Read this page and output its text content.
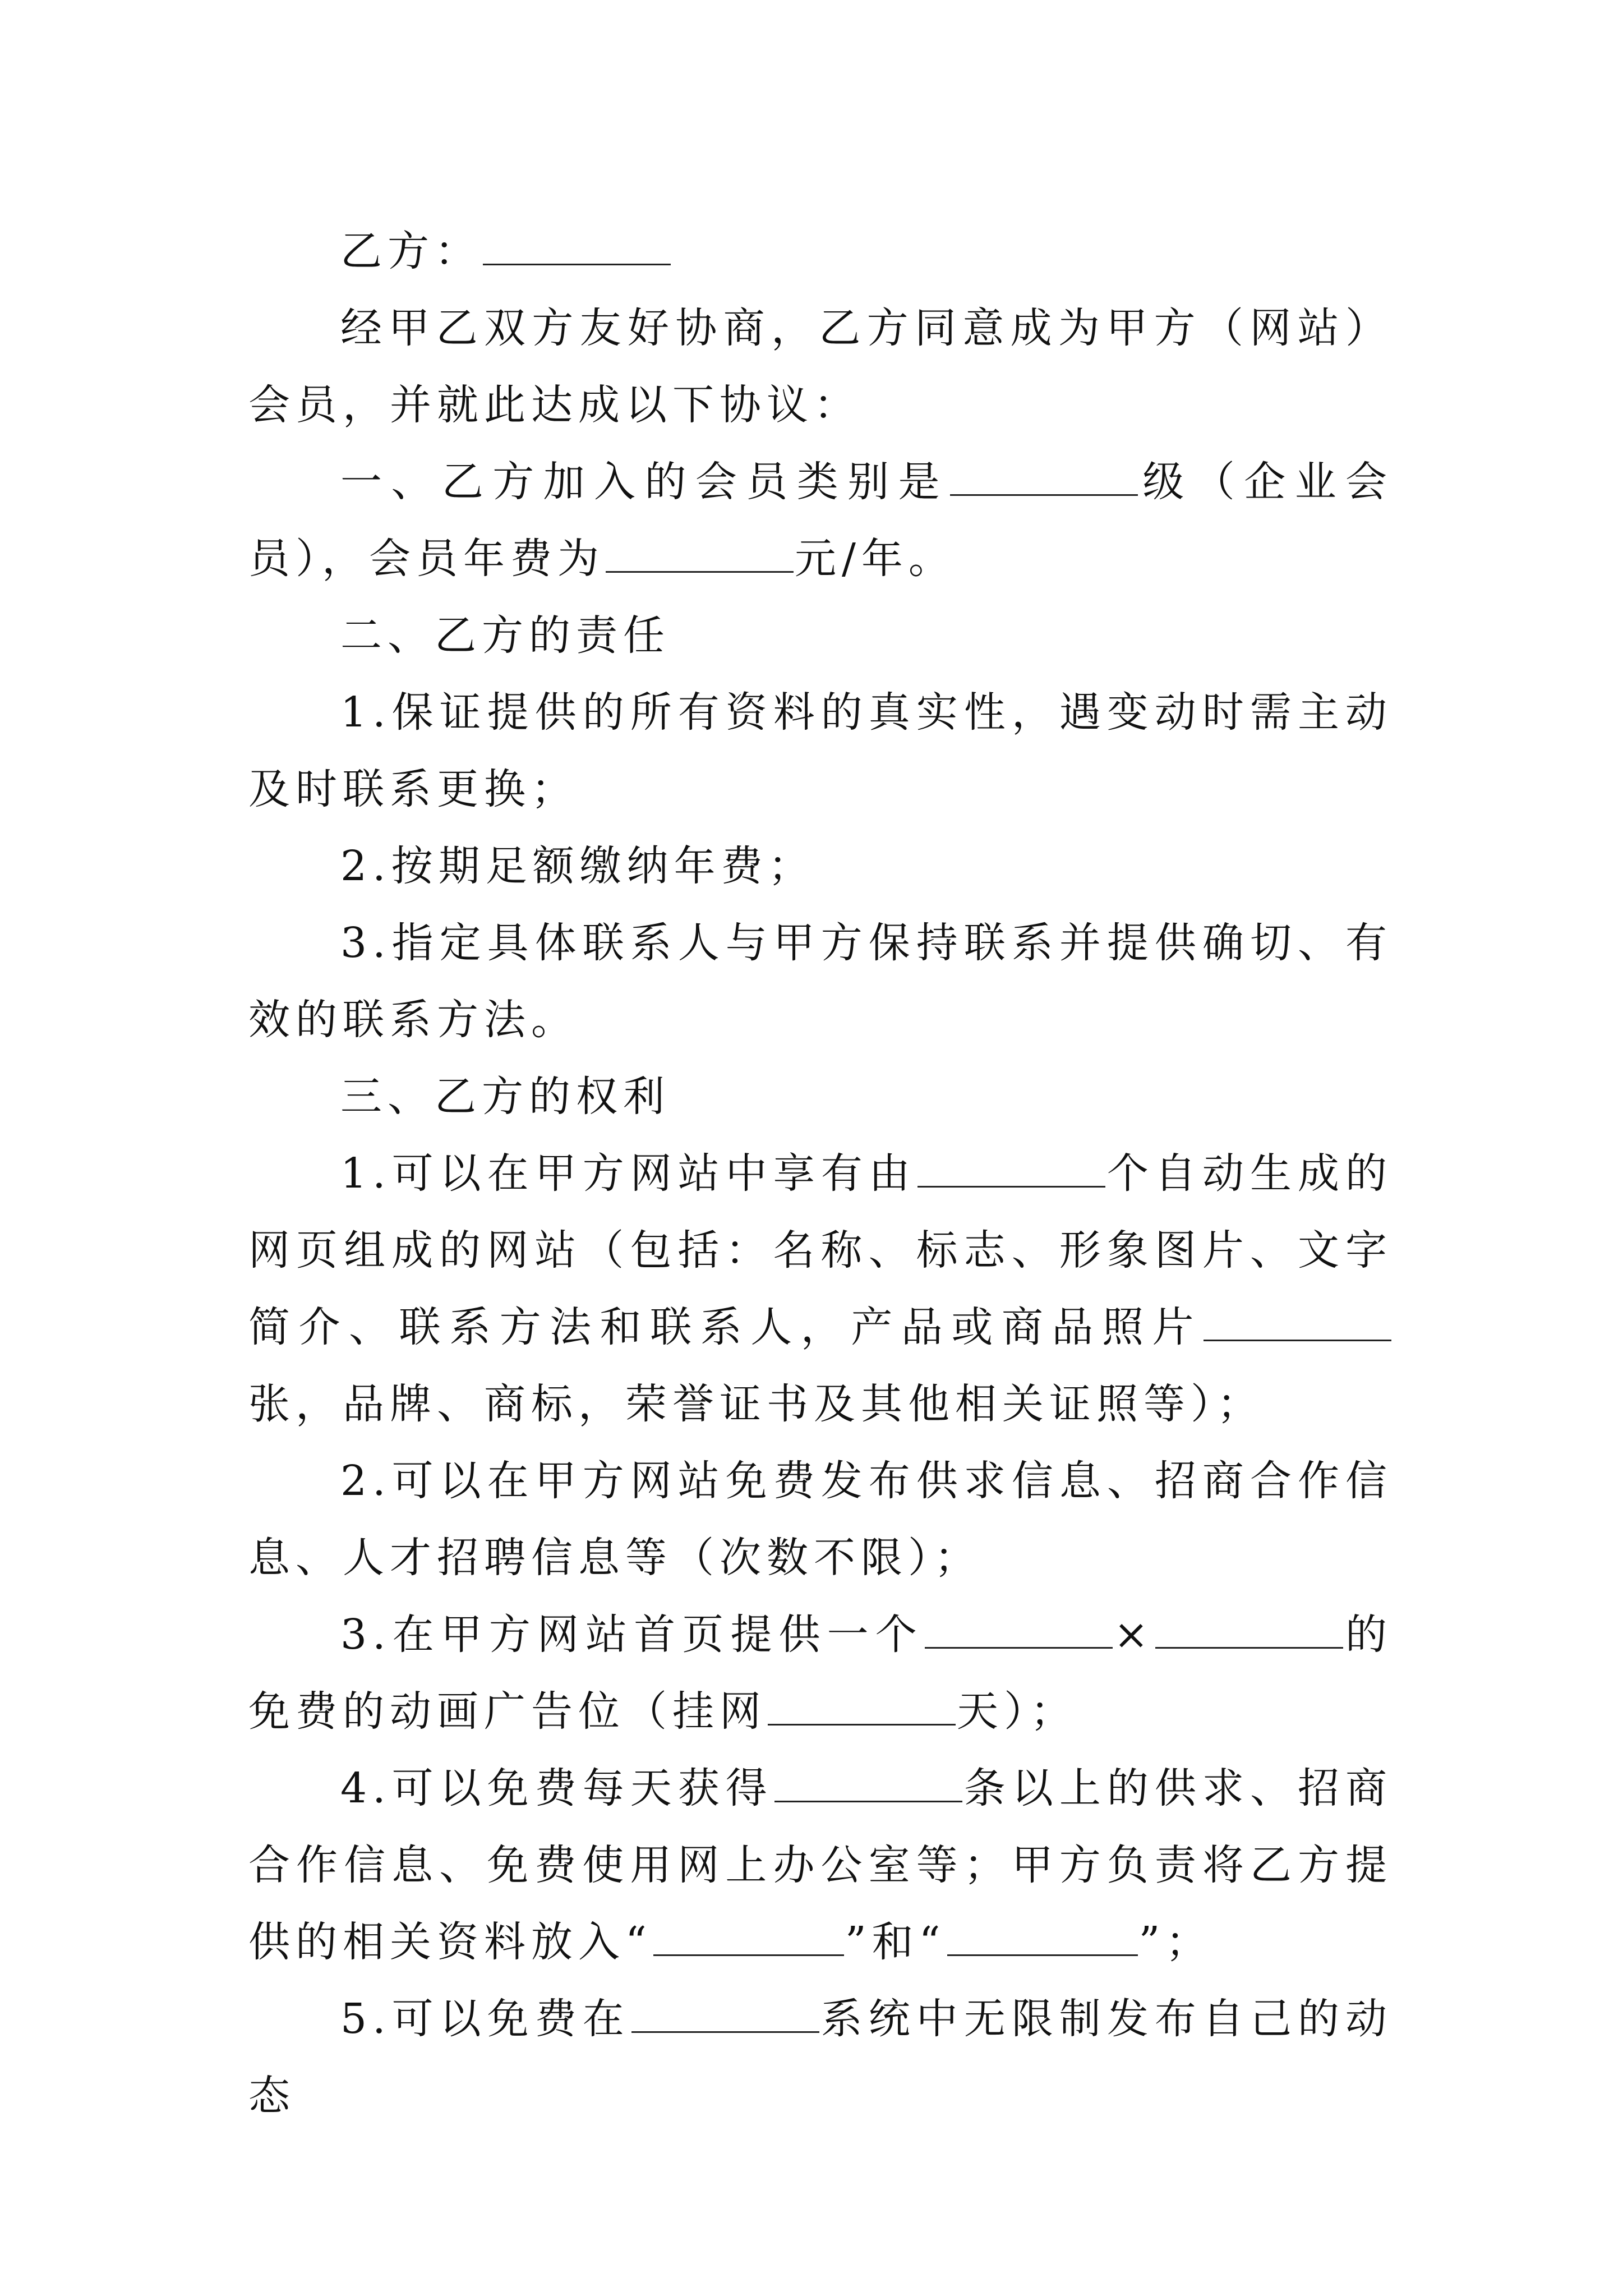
乙方：

经甲乙双方友好协商，乙方同意成为甲方（网站）会员，并就此达成以下协议：

一、乙方加入的会员类别是	级（企业会员），会员年费为	元/年。

二、乙方的责任

1.保证提供的所有资料的真实性，遇变动时需主动及时联系更换；

2.按期足额缴纳年费；

3.指定具体联系人与甲方保持联系并提供确切、有效的联系方法。

三、乙方的权利

1.可以在甲方网站中享有由	个自动生成的网页组成的网站（包括：名称、标志、形象图片、文字简介、联系方法和联系人，产品或商品照片张，品牌、商标，荣誉证书及其他相关证照等）；

2.可以在甲方网站免费发布供求信息、招商合作信息、人才招聘信息等（次数不限）；

3.在甲方网站首页提供一个	×	的免费的动画广告位（挂网	天）；

4.可以免费每天获得	条以上的供求、招商合作信息、免费使用网上办公室等；甲方负责将乙方提供的相关资料放入“	”和“	”；

5.可以免费在	系统中无限制发布自己的动态
